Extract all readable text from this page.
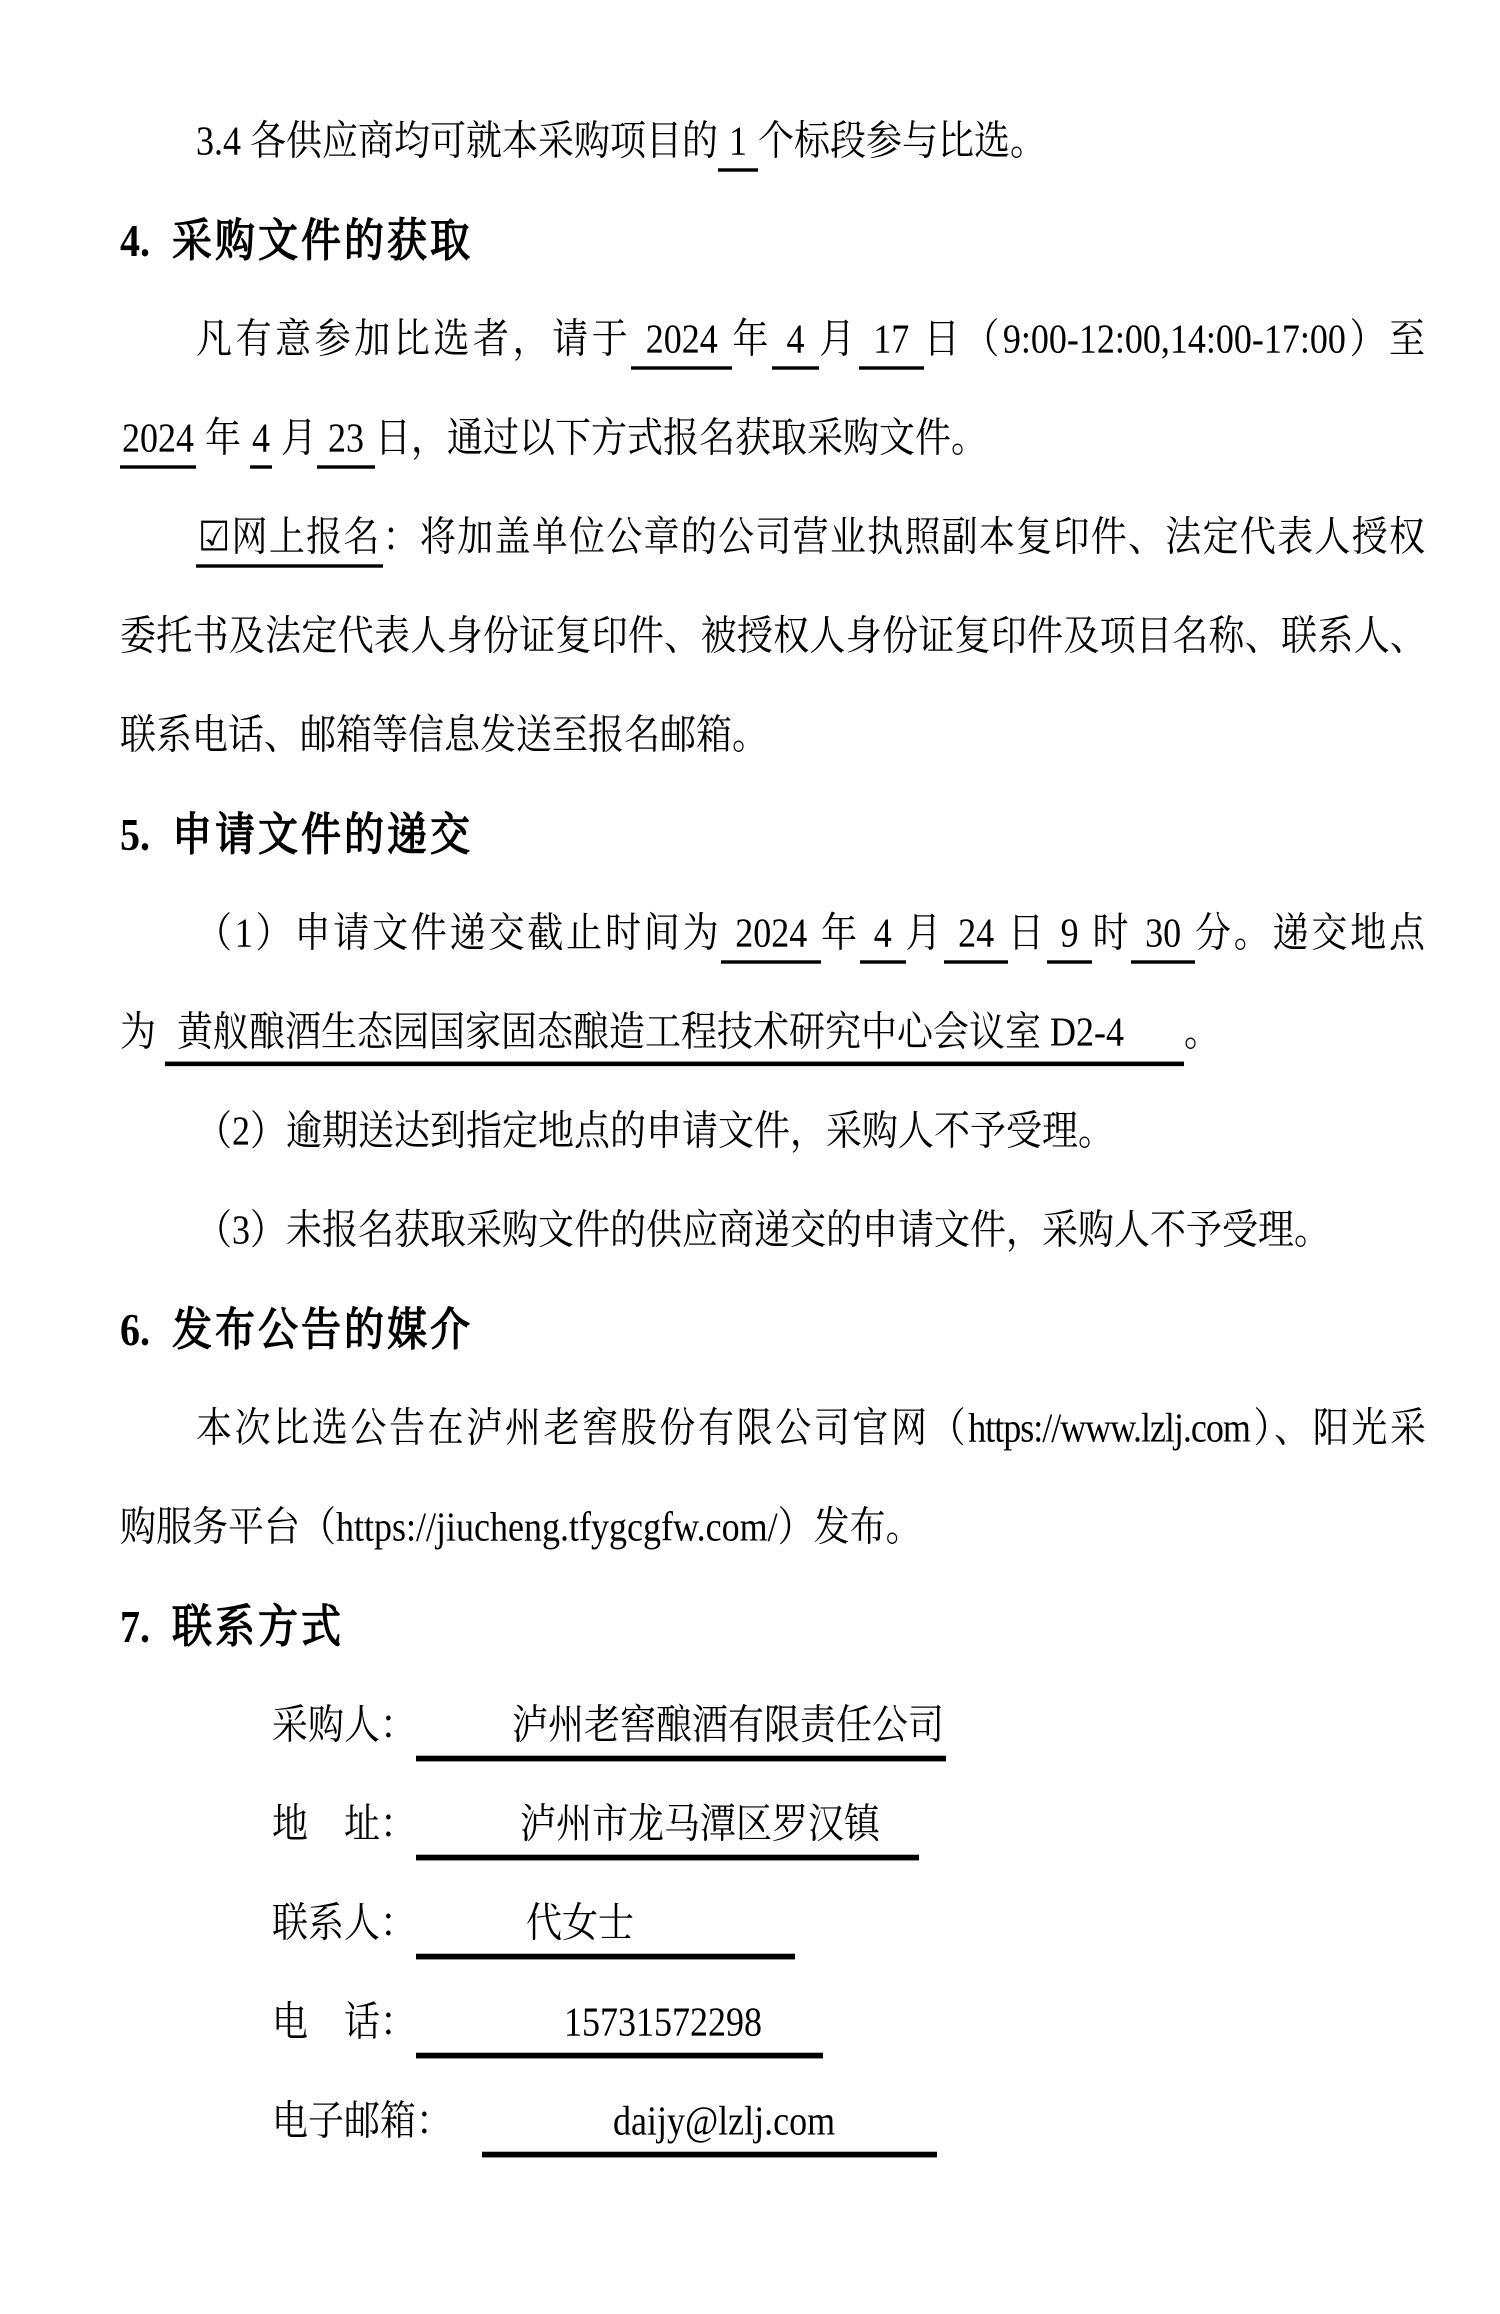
3.4 各供应商均可就本采购项目的 1 个标段参与比选。
4. 采购文件的获取
凡有意参加比选者，请于 2024 年 4 月 17 日（9:00-12:00,14:00-17:00）至
2024 年 4 月 23 日，通过以下方式报名获取采购文件。
☑网上报名：将加盖单位公章的公司营业执照副本复印件、法定代表人授权
委托书及法定代表人身份证复印件、被授权人身份证复印件及项目名称、联系人、
联系电话、邮箱等信息发送至报名邮箱。
5. 申请文件的递交
（1）申请文件递交截止时间为 2024 年 4 月 24 日 9 时 30 分。递交地点
为 黄舣酿酒生态园国家固态酿造工程技术研究中心会议室 D2-4 。
（2）逾期送达到指定地点的申请文件，采购人不予受理。
（3）未报名获取采购文件的供应商递交的申请文件，采购人不予受理。
6. 发布公告的媒介
本次比选公告在泸州老窖股份有限公司官网（https://www.lzlj.com）、阳光采
购服务平台（https://jiucheng.tfygcgfw.com/）发布。
7. 联系方式
采购人：	泸州老窖酿酒有限责任公司
地　址：	泸州市龙马潭区罗汉镇
联系人：	代女士
电　话：	15731572298
电子邮箱：	daijy@lzlj.com
